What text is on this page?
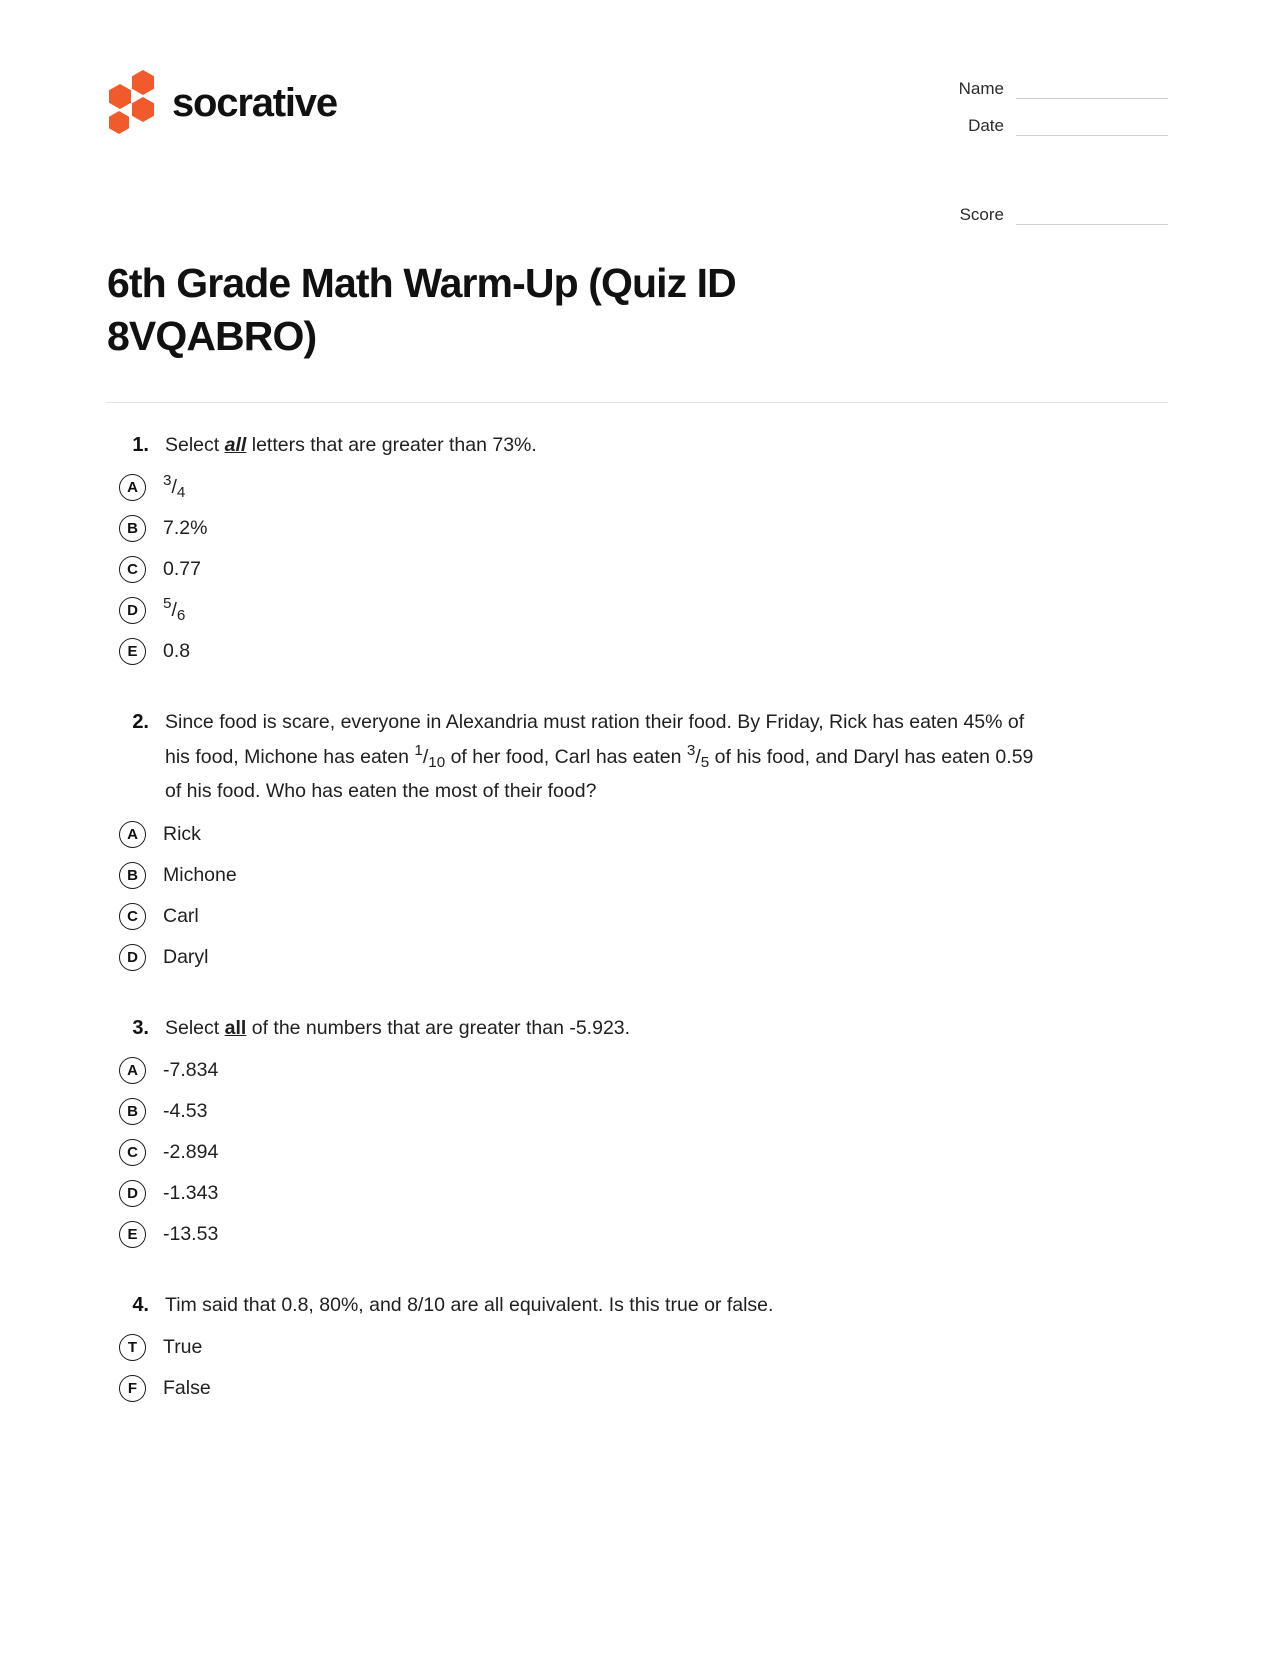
socrative	Name
Date
Score
6th Grade Math Warm-Up (Quiz ID 8VQABRO)
1. Select all letters that are greater than 73%.
A	$^3$/4
B	7.2%
C	0.77
D	$^5$/6
E	0.8
2. Since food is scare, everyone in Alexandria must ration their food. By Friday, Rick has eaten 45% of his food, Michone has eaten $^1$/10 of her food, Carl has eaten $^3$/5 of his food, and Daryl has eaten 0.59 of his food. Who has eaten the most of their food?
A	Rick
B	Michone
C	Carl
D	Daryl
3. Select all of the numbers that are greater than -5.923.
A	-7.834
B	-4.53
C	-2.894
D	-1.343
E	-13.53
4. Tim said that 0.8, 80%, and 8/10 are all equivalent. Is this true or false.
T	True
F	False
